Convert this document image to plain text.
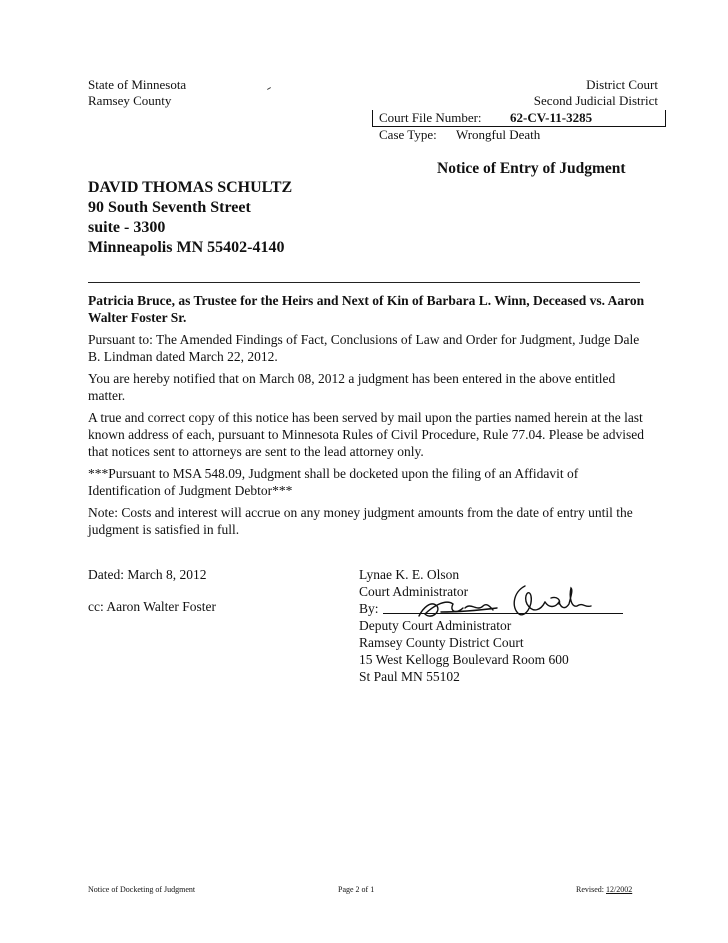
State of Minnesota
Ramsey County
District Court
Second Judicial District
Court File Number: 62-CV-11-3285
Case Type: Wrongful Death
Notice of Entry of Judgment
DAVID THOMAS SCHULTZ
90 South Seventh Street
suite - 3300
Minneapolis MN 55402-4140

Patricia Bruce, as Trustee for the Heirs and Next of Kin of Barbara L. Winn, Deceased vs. Aaron Walter Foster Sr.

Pursuant to: The Amended Findings of Fact, Conclusions of Law and Order for Judgment, Judge Dale B. Lindman dated March 22, 2012.

You are hereby notified that on March 08, 2012 a judgment has been entered in the above entitled matter.

A true and correct copy of this notice has been served by mail upon the parties named herein at the last known address of each, pursuant to Minnesota Rules of Civil Procedure, Rule 77.04. Please be advised that notices sent to attorneys are sent to the lead attorney only.

***Pursuant to MSA 548.09, Judgment shall be docketed upon the filing of an Affidavit of Identification of Judgment Debtor***

Note: Costs and interest will accrue on any money judgment amounts from the date of entry until the judgment is satisfied in full.

Dated: March 8, 2012
cc: Aaron Walter Foster
Lynae K. E. Olson
Court Administrator
By:
Deputy Court Administrator
Ramsey County District Court
15 West Kellogg Boulevard Room 600
St Paul MN 55102
Notice of Docketing of Judgment	Page 2 of 1	Revised: 12/2002
